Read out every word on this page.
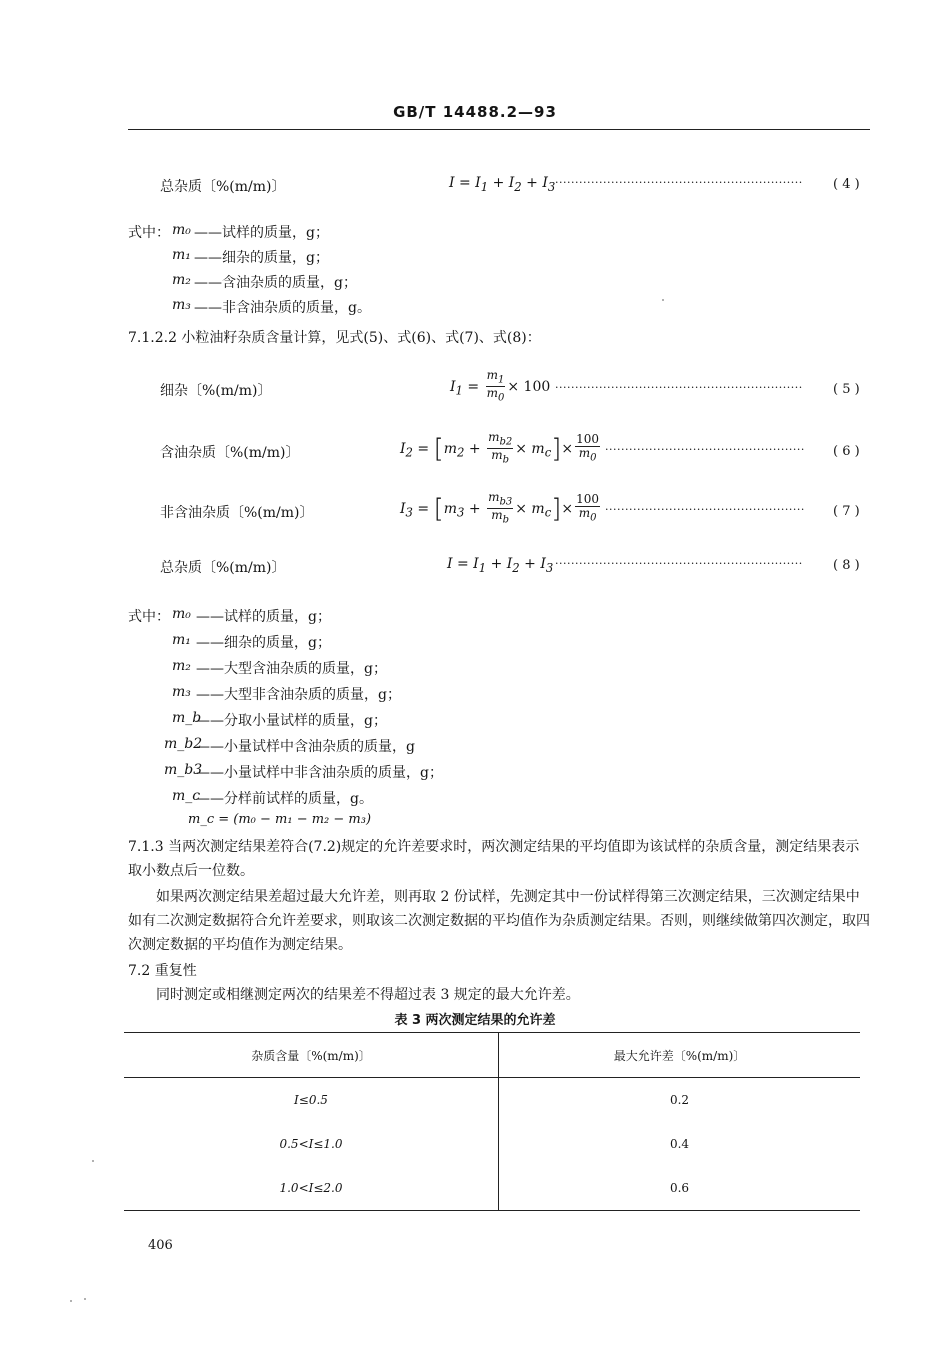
GB/T 14488.2—93
总杂质〔%(m/m)〕	$I = I_1 + I_2 + I_3$ ······························································	( 4 )
式中： m₀ ——试样的质量，g；
m₁ ——细杂的质量，g；
m₂ ——含油杂质的质量，g；
m₃ ——非含油杂质的质量，g。
7.1.2.2 小粒油籽杂质含量计算，见式(5)、式(6)、式(7)、式(8)：
细杂〔%(m/m)〕	$I_1 = \frac{m_1}{m_0} \times 100$ ······························································	( 5 )
含油杂质〔%(m/m)〕	$I_2 = [m_2 + \frac{m_{b2}}{m_b} \times m_c]\times \frac{100}{m_0}$ ··················································	( 6 )
非含油杂质〔%(m/m)〕	$I_3 = [m_3 + \frac{m_{b3}}{m_b} \times m_c]\times \frac{100}{m_0}$ ··················································	( 7 )
总杂质〔%(m/m)〕	$I = I_1 + I_2 + I_3$ ······························································	( 8 )
式中： m₀ ——试样的质量，g；
m₁ ——细杂的质量，g；
m₂ ——大型含油杂质的质量，g；
m₃ ——大型非含油杂质的质量，g；
m_b
——分取小量试样的质量，g；
m_b2
——小量试样中含油杂质的质量，g
m_b3
——小量试样中非含油杂质的质量，g；
m_c
——分样前试样的质量，g。
m_c = (m₀ − m₁ − m₂ − m₃)

7.1.3 当两次测定结果差符合(7.2)规定的允许差要求时，两次测定结果的平均值即为该试样的杂质含量，测定结果表示取小数点后一位数。

如果两次测定结果差超过最大允许差，则再取 2 份试样，先测定其中一份试样得第三次测定结果，三次测定结果中如有二次测定数据符合允许差要求，则取该二次测定数据的平均值作为杂质测定结果。否则，则继续做第四次测定，取四次测定数据的平均值作为测定结果。

7.2 重复性

同时测定或相继测定两次的结果差不得超过表 3 规定的最大允许差。

表 3 两次测定结果的允许差
杂质含量〔%(m/m)〕	最大允许差〔%(m/m)〕
I≤0.5	0.2
0.5<I≤1.0	0.4
1.0<I≤2.0	0.6
406
